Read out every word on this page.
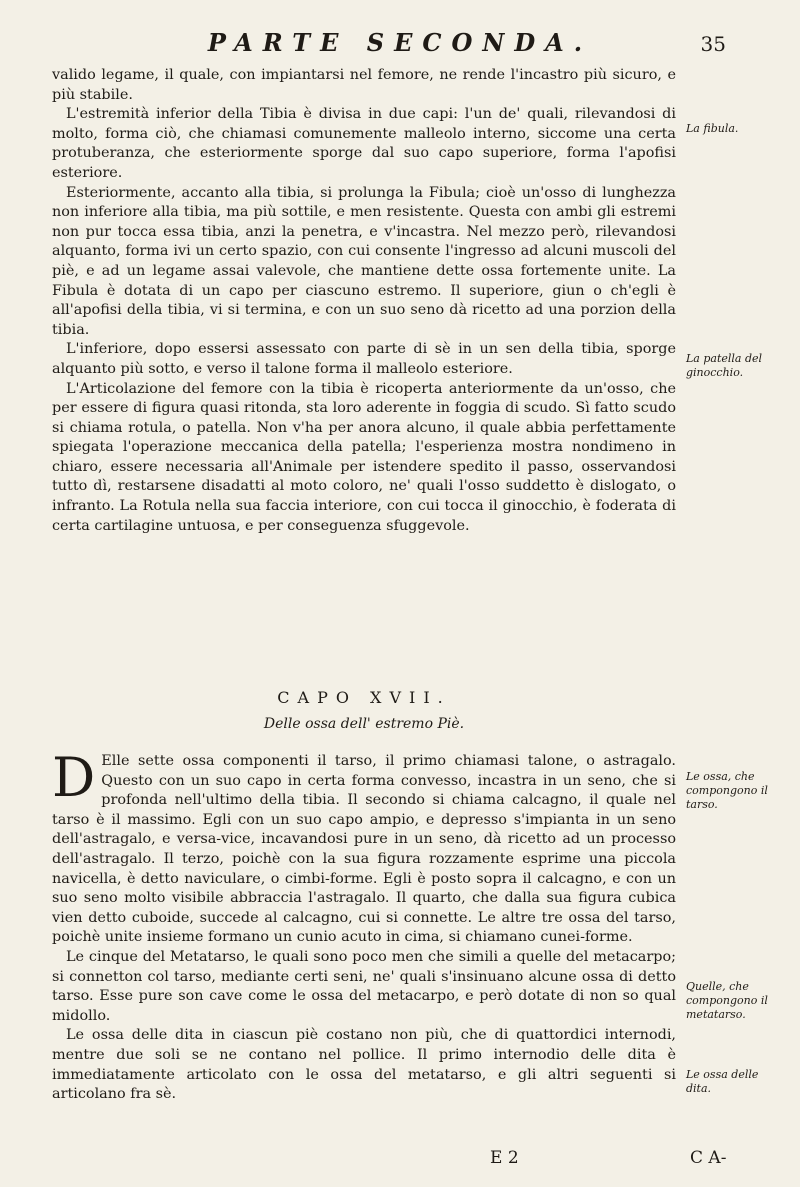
PARTE SECONDA.	35

valido legame, il quale, con impiantarsi nel femore, ne rende l'incastro più sicuro, e più stabile.

L'estremità inferior della Tibia è divisa in due capi: l'un de' quali, rilevandosi di molto, forma ciò, che chiamasi comunemente malleolo interno, siccome una certa protuberanza, che esteriormente sporge dal suo capo superiore, forma l'apofisi esteriore.

Esteriormente, accanto alla tibia, si prolunga la Fibula; cioè un'osso di lunghezza non inferiore alla tibia, ma più sottile, e men resistente. Questa con ambi gli estremi non pur tocca essa tibia, anzi la penetra, e v'incastra. Nel mezzo però, rilevandosi alquanto, forma ivi un certo spazio, con cui consente l'ingresso ad alcuni muscoli del piè, e ad un legame assai valevole, che mantiene dette ossa fortemente unite. La Fibula è dotata di un capo per ciascuno estremo. Il superiore, giun o ch'egli è all'apofisi della tibia, vi si termina, e con un suo seno dà ricetto ad una porzion della tibia.

L'inferiore, dopo essersi assessato con parte di sè in un sen della tibia, sporge alquanto più sotto, e verso il talone forma il malleolo esteriore.

L'Articolazione del femore con la tibia è ricoperta anteriormente da un'osso, che per essere di figura quasi ritonda, sta loro aderente in foggia di scudo. Sì fatto scudo si chiama rotula, o patella. Non v'ha per anora alcuno, il quale abbia perfettamente spiegata l'operazione meccanica della patella; l'esperienza mostra nondimeno in chiaro, essere necessaria all'Animale per istendere spedito il passo, osservandosi tutto dì, restarsene disadatti al moto coloro, ne' quali l'osso suddetto è dislogato, o infranto. La Rotula nella sua faccia interiore, con cui tocca il ginocchio, è foderata di certa cartilagine untuosa, e per conseguenza sfuggevole.

CAPO XVII.
Delle ossa dell' estremo Piè.
D Elle sette ossa componenti il tarso, il primo chiamasi talone, o astragalo. Questo con un suo capo in certa forma convesso, incastra in un seno, che si profonda nell'ultimo della tibia. Il secondo si chiama calcagno, il quale nel tarso è il massimo. Egli con un suo capo ampio, e depresso s'impianta in un seno dell'astragalo, e versa-vice, incavandosi pure in un seno, dà ricetto ad un processo dell'astragalo. Il terzo, poichè con la sua figura rozzamente esprime una piccola navicella, è detto naviculare, o cimbi-forme. Egli è posto sopra il calcagno, e con un suo seno molto visibile abbraccia l'astragalo. Il quarto, che dalla sua figura cubica vien detto cuboide, succede al calcagno, cui si connette. Le altre tre ossa del tarso, poichè unite insieme formano un cunio acuto in cima, si chiamano cunei-forme.

Le cinque del Metatarso, le quali sono poco men che simili a quelle del metacarpo; si connetton col tarso, mediante certi seni, ne' quali s'insinuano alcune ossa di detto tarso. Esse pure son cave come le ossa del metacarpo, e però dotate di non so qual midollo.

Le ossa delle dita in ciascun piè costano non più, che di quattordici internodi, mentre due soli se ne contano nel pollice. Il primo internodio delle dita è immediatamente articolato con le ossa del metatarso, e gli altri seguenti si articolano fra sè.

La fibula.
La patella del ginocchio.
Le ossa, che compongono il tarso.
Quelle, che compongono il metatarso.
Le ossa delle dita.
E 2	C A-
